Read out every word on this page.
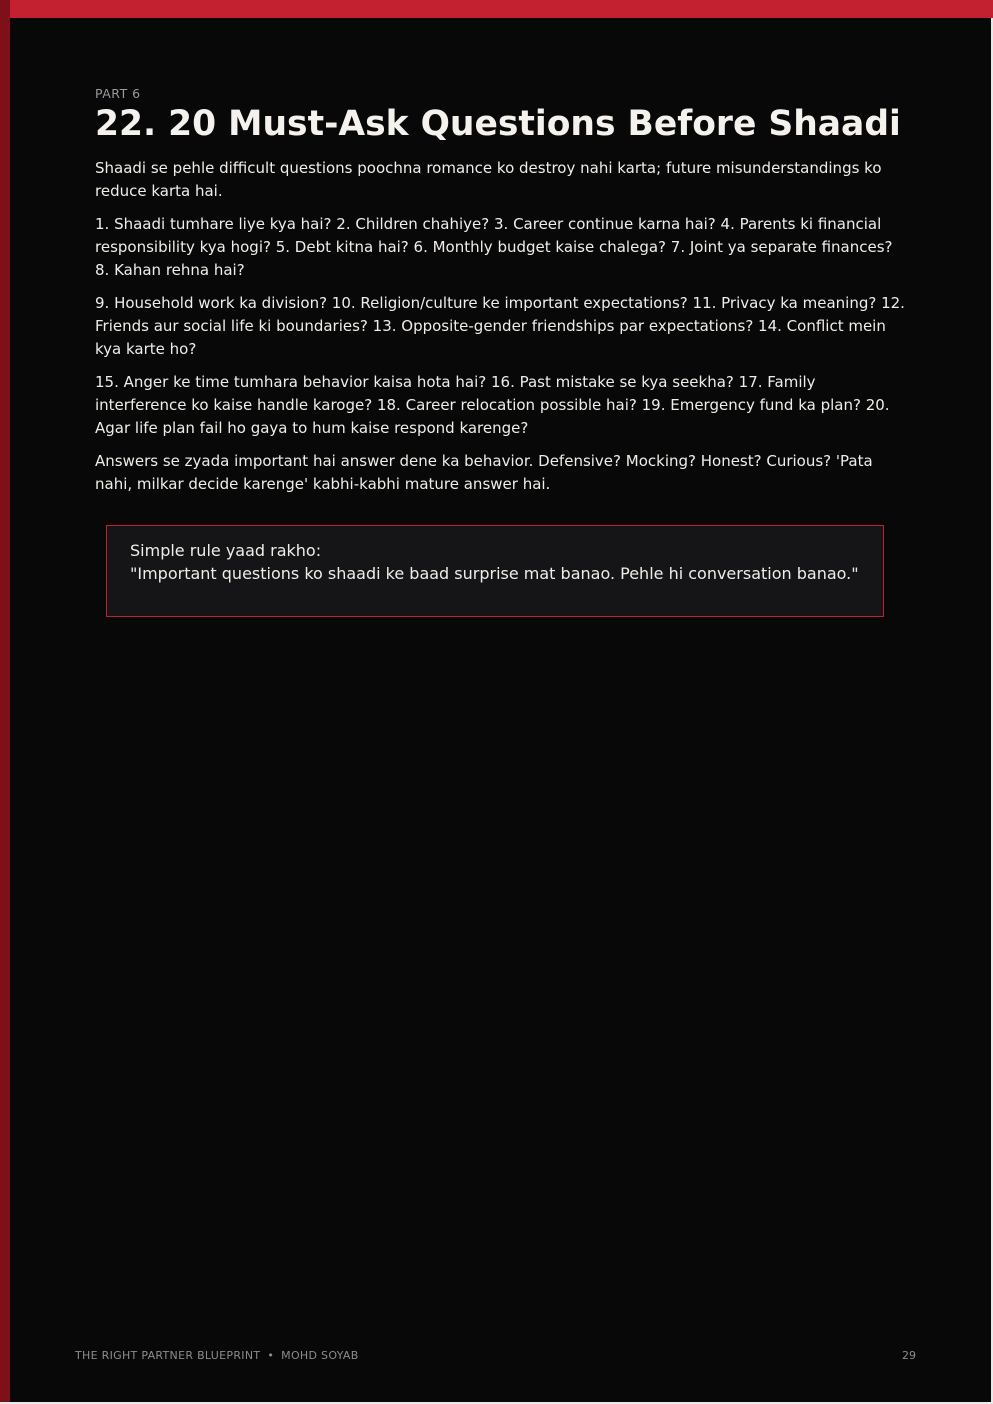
PART 6

22. 20 Must-Ask Questions Before Shaadi

Shaadi se pehle difficult questions poochna romance ko destroy nahi karta; future misunderstandings ko reduce karta hai.

1. Shaadi tumhare liye kya hai? 2. Children chahiye? 3. Career continue karna hai? 4. Parents ki financial responsibility kya hogi? 5. Debt kitna hai? 6. Monthly budget kaise chalega? 7. Joint ya separate finances? 8. Kahan rehna hai?

9. Household work ka division? 10. Religion/culture ke important expectations? 11. Privacy ka meaning? 12. Friends aur social life ki boundaries? 13. Opposite-gender friendships par expectations? 14. Conflict mein kya karte ho?

15. Anger ke time tumhara behavior kaisa hota hai? 16. Past mistake se kya seekha? 17. Family interference ko kaise handle karoge? 18. Career relocation possible hai? 19. Emergency fund ka plan? 20. Agar life plan fail ho gaya to hum kaise respond karenge?

Answers se zyada important hai answer dene ka behavior. Defensive? Mocking? Honest? Curious? 'Pata nahi, milkar decide karenge' kabhi-kabhi mature answer hai.

Simple rule yaad rakho:

"Important questions ko shaadi ke baad surprise mat banao. Pehle hi conversation banao."

THE RIGHT PARTNER BLUEPRINT • MOHD SOYAB	29
